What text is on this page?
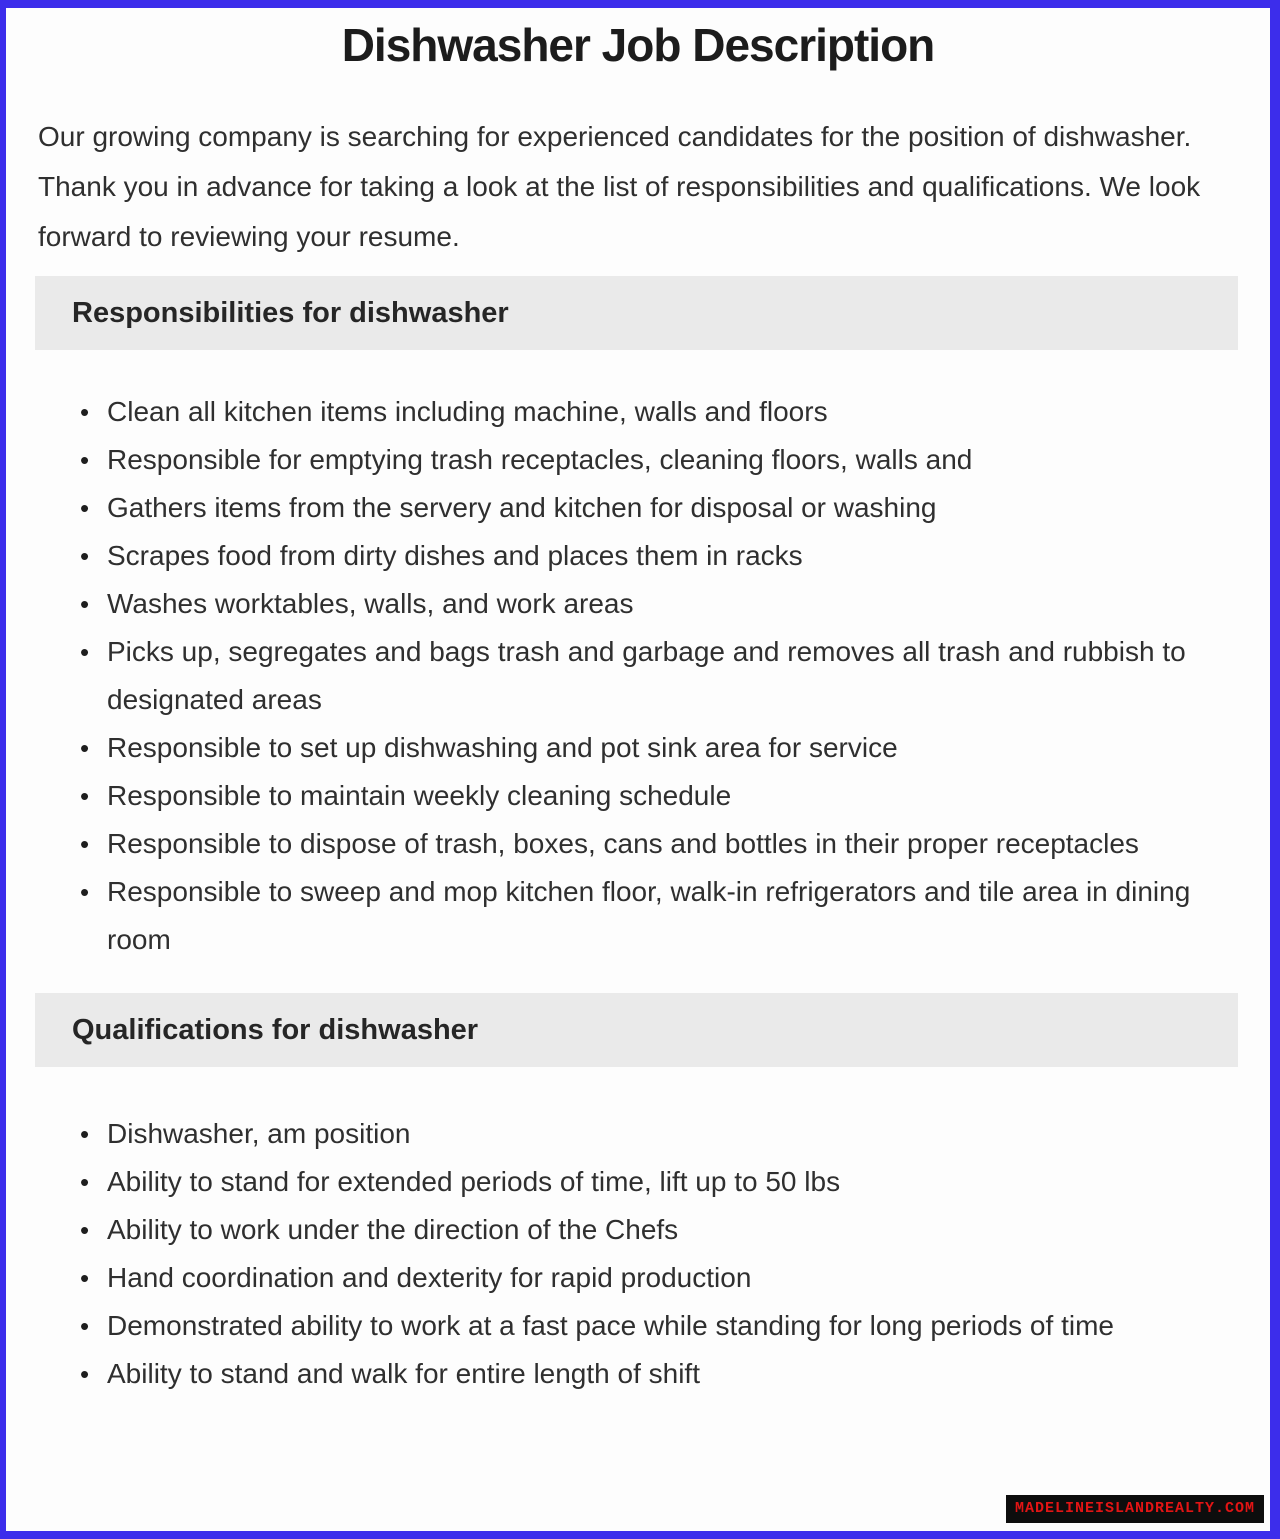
Dishwasher Job Description

Our growing company is searching for experienced candidates for the position of dishwasher. Thank you in advance for taking a look at the list of responsibilities and qualifications. We look forward to reviewing your resume.

Responsibilities for dishwasher
• Clean all kitchen items including machine, walls and floors
• Responsible for emptying trash receptacles, cleaning floors, walls and
• Gathers items from the servery and kitchen for disposal or washing
• Scrapes food from dirty dishes and places them in racks
• Washes worktables, walls, and work areas
• Picks up, segregates and bags trash and garbage and removes all trash and rubbish to designated areas
• Responsible to set up dishwashing and pot sink area for service
• Responsible to maintain weekly cleaning schedule
• Responsible to dispose of trash, boxes, cans and bottles in their proper receptacles
• Responsible to sweep and mop kitchen floor, walk-in refrigerators and tile area in dining room
Qualifications for dishwasher
• Dishwasher, am position
• Ability to stand for extended periods of time, lift up to 50 lbs
• Ability to work under the direction of the Chefs
• Hand coordination and dexterity for rapid production
• Demonstrated ability to work at a fast pace while standing for long periods of time
• Ability to stand and walk for entire length of shift
MADELINEISLANDREALTY.COM
